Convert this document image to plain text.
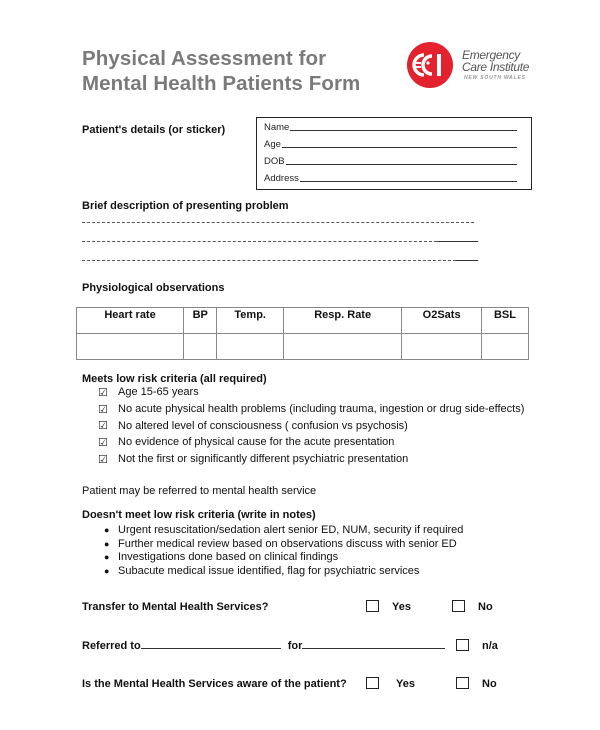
Physical Assessment for
Mental Health Patients Form
Emergency
Care Institute
NEW SOUTH WALES
Patient's details (or sticker)	Name
Age
DOB
Address
Brief description of presenting problem
Physiological observations
Heart rate	BP	Temp.	Resp. Rate	O2Sats	BSL

Meets low risk criteria (all required)
☑ Age 15-65 years
☑ No acute physical health problems (including trauma, ingestion or drug side-effects)
☑ No altered level of consciousness ( confusion vs psychosis)
☑ No evidence of physical cause for the acute presentation
☑ Not the first or significantly different psychiatric presentation
Patient may be referred to mental health service
Doesn't meet low risk criteria (write in notes)
● Urgent resuscitation/sedation alert senior ED, NUM, security if required
● Further medical review based on observations discuss with senior ED
● Investigations done based on clinical findings
● Subacute medical issue identified, flag for psychiatric services
Transfer to Mental Health Services?	Yes	No
Referred to	for	n/a
Is the Mental Health Services aware of the patient?	Yes	No
